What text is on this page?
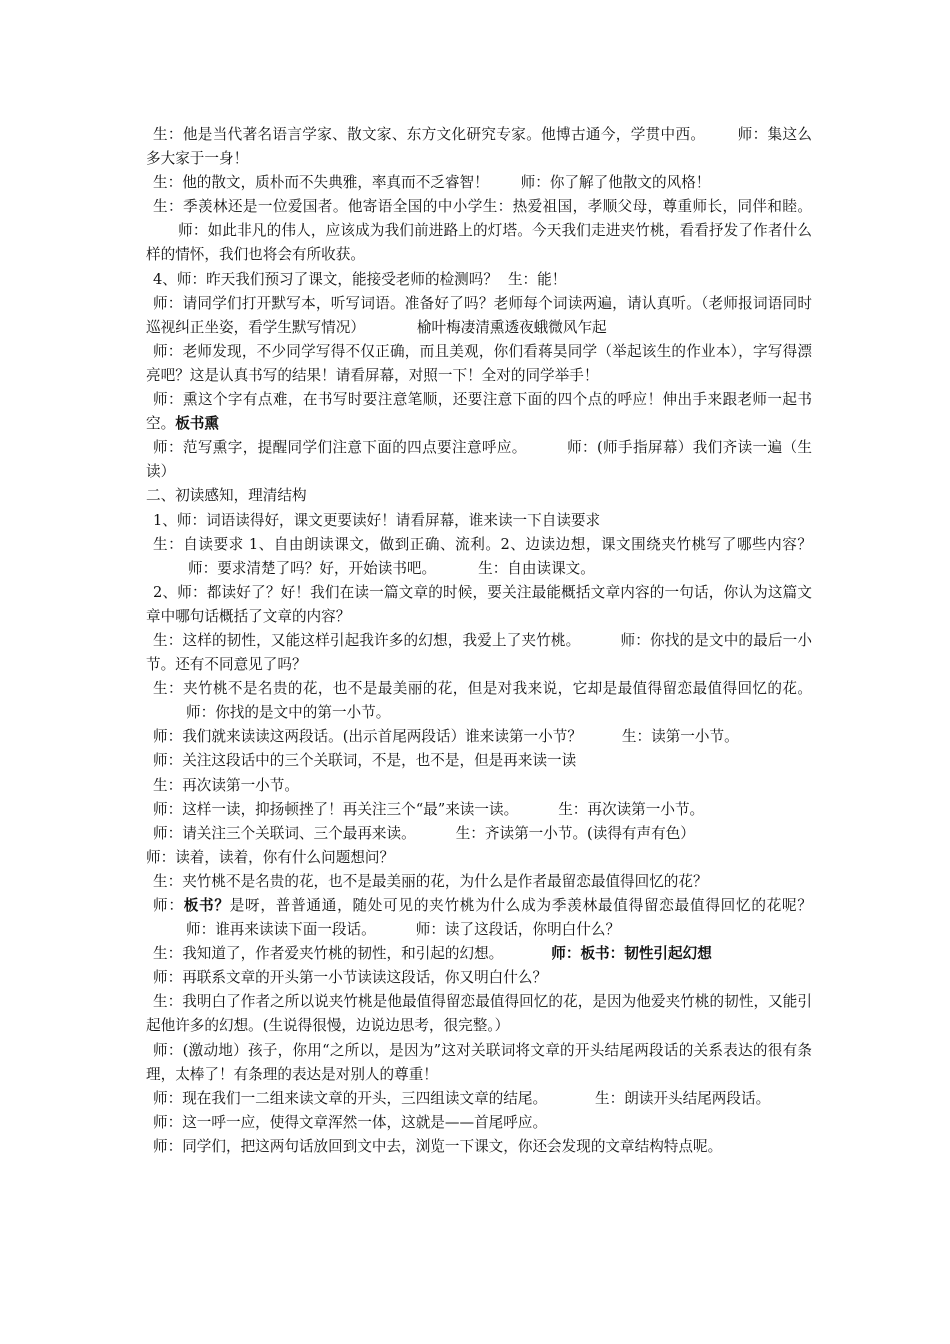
生：他是当代著名语言学家、散文家、东方文化研究专家。他博古通今，学贯中西。 师：集这么多大家于一身！

生：他的散文，质朴而不失典雅，率真而不乏睿智！ 师：你了解了他散文的风格！

生：季羡林还是一位爱国者。他寄语全国的中小学生：热爱祖国，孝顺父母，尊重师长，同伴和睦。师：如此非凡的伟人，应该成为我们前进路上的灯塔。今天我们走进夹竹桃，看看抒发了作者什么样的情怀，我们也将会有所收获。

4、师：昨天我们预习了课文，能接受老师的检测吗？ 生：能！

师：请同学们打开默写本，听写词语。准备好了吗？老师每个词读两遍，请认真听。（老师报词语同时巡视纠正坐姿，看学生默写情况）	榆叶梅凄清熏透夜蛾微风乍起

师：老师发现，不少同学写得不仅正确，而且美观，你们看蒋昊同学（举起该生的作业本），字写得漂亮吧？这是认真书写的结果！请看屏幕，对照一下！全对的同学举手！

师：熏这个字有点难，在书写时要注意笔顺，还要注意下面的四个点的呼应！伸出手来跟老师一起书空。板书熏

师：范写熏字，提醒同学们注意下面的四点要注意呼应。	师：(师手指屏幕）我们齐读一遍（生读）

二、初读感知，理清结构

1、师：词语读得好，课文更要读好！请看屏幕，谁来读一下自读要求

生：自读要求 1、自由朗读课文，做到正确、流利。2、边读边想，课文围绕夹竹桃写了哪些内容？师：要求清楚了吗？好，开始读书吧。	生：自由读课文。

2、师：都读好了？好！我们在读一篇文章的时候，要关注最能概括文章内容的一句话，你认为这篇文章中哪句话概括了文章的内容？

生：这样的韧性，又能这样引起我许多的幻想，我爱上了夹竹桃。	师：你找的是文中的最后一小节。还有不同意见了吗？

生：夹竹桃不是名贵的花，也不是最美丽的花，但是对我来说，它却是最值得留恋最值得回忆的花。师：你找的是文中的第一小节。

师：我们就来读读这两段话。(出示首尾两段话）谁来读第一小节？	生：读第一小节。

师：关注这段话中的三个关联词，不是，也不是，但是再来读一读

生：再次读第一小节。

师：这样一读，抑扬顿挫了！再关注三个“最”来读一读。	生：再次读第一小节。

师：请关注三个关联词、三个最再来读。	生：齐读第一小节。(读得有声有色）

师：读着，读着，你有什么问题想问？

生：夹竹桃不是名贵的花，也不是最美丽的花，为什么是作者最留恋最值得回忆的花？

师：板书？是呀，普普通通，随处可见的夹竹桃为什么成为季羡林最值得留恋最值得回忆的花呢？师：谁再来读读下面一段话。	师：读了这段话，你明白什么？

生：我知道了，作者爱夹竹桃的韧性，和引起的幻想。	师：板书：韧性引起幻想

师：再联系文章的开头第一小节读读这段话，你又明白什么？

生：我明白了作者之所以说夹竹桃是他最值得留恋最值得回忆的花，是因为他爱夹竹桃的韧性，又能引起他许多的幻想。(生说得很慢，边说边思考，很完整。）

师：(激动地）孩子，你用“之所以，是因为”这对关联词将文章的开头结尾两段话的关系表达的很有条理，太棒了！有条理的表达是对别人的尊重！

师：现在我们一二组来读文章的开头，三四组读文章的结尾。	生：朗读开头结尾两段话。

师：这一呼一应，使得文章浑然一体，这就是——首尾呼应。

师：同学们，把这两句话放回到文中去，浏览一下课文，你还会发现的文章结构特点呢。
